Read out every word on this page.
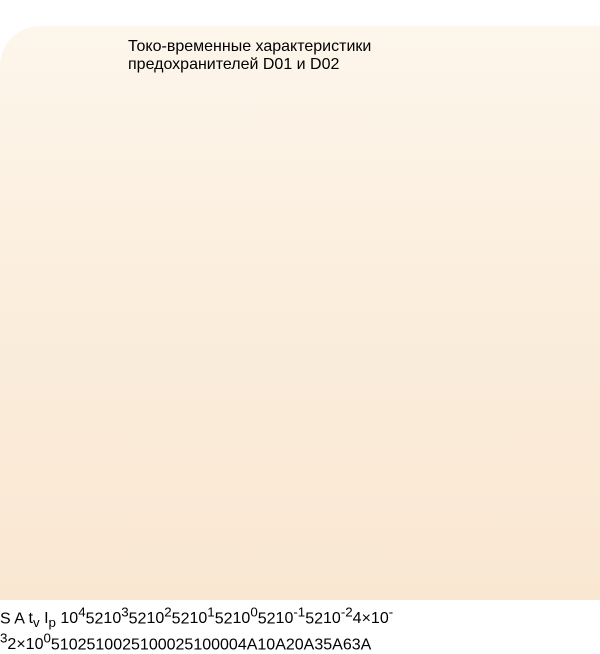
Токо-временные характеристики предохранителей D01 и D02
S A $t_v$ $I_p$ $10^45210^35210^25210^15210^05210^{-1}5210^{-2}4\times 10^{-3}2\times 10^05102510025100025100004A10A20A35A63A$
